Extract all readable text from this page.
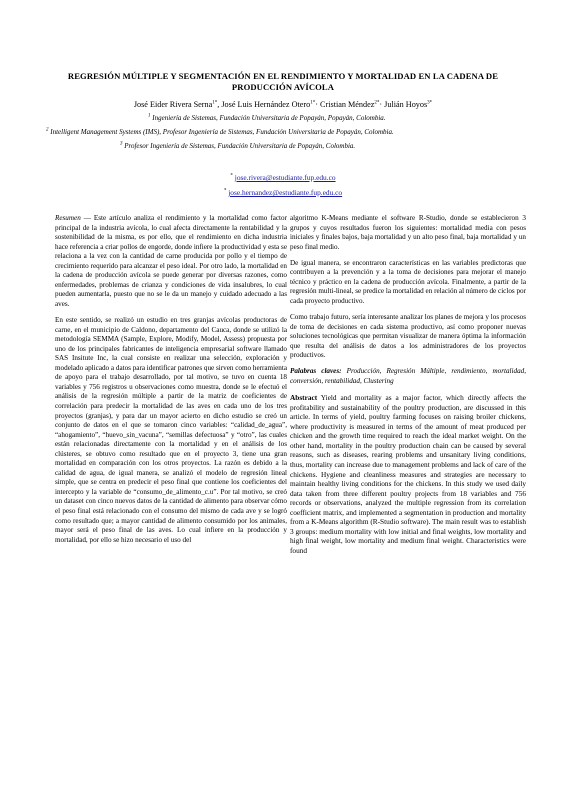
REGRESIÓN MÚLTIPLE Y SEGMENTACIÓN EN EL RENDIMIENTO Y MORTALIDAD EN LA CADENA DE PRODUCCIÓN AVÍCOLA
José Eider Rivera Serna$^{1*}$, José Luis Hernández Otero$^{1*}$· Cristian Méndez$^{2*}$· Julián Hoyos$^{3*}$
$^1$ Ingeniería de Sistemas, Fundación Universitaria de Popayán, Popayán, Colombia.
$^2$ Intelligent Management Systems (IMS), Profesor Ingeniería de Sistemas, Fundación Universitaria de Popayán, Colombia.
$^3$ Profesor Ingeniería de Sistemas, Fundación Universitaria de Popayán, Colombia.
* jose.rivera@estudiante.fup.edu.co
* jose.hernandez@estudiante.fup.edu.co

Resumen — Este artículo analiza el rendimiento y la mortalidad como factor principal de la industria avícola, lo cual afecta directamente la rentabilidad y la sostenibilidad de la misma, es por ello, que el rendimiento en dicha industria hace referencia a criar pollos de engorde, donde infiere la productividad y esta se relaciona a la vez con la cantidad de carne producida por pollo y el tiempo de crecimiento requerido para alcanzar el peso ideal. Por otro lado, la mortalidad en la cadena de producción avícola se puede generar por diversas razones, como enfermedades, problemas de crianza y condiciones de vida insalubres, lo cual pueden aumentarla, puesto que no se le da un manejo y cuidado adecuado a las aves.

En este sentido, se realizó un estudio en tres granjas avícolas productoras de carne, en el municipio de Caldono, departamento del Cauca, donde se utilizó la metodología SEMMA (Sample, Explore, Modify, Model, Assess) propuesta por uno de los principales fabricantes de inteligencia empresarial software llamado SAS Insitute Inc, la cual consiste en realizar una selección, exploración y modelado aplicado a datos para identificar patrones que sirven como herramienta de apoyo para el trabajo desarrollado, por tal motivo, se tuvo en cuenta 18 variables y 756 registros u observaciones como muestra, donde se le efectuó el análisis de la regresión múltiple a partir de la matriz de coeficientes de correlación para predecir la mortalidad de las aves en cada uno de los tres proyectos (granjas), y para dar un mayor acierto en dicho estudio se creó un conjunto de datos en el que se tomaron cinco variables: “calidad_de_agua”, “ahogamiento”, “huevo_sin_vacuna”, “semillas defectuosa” y “otro”, las cuales están relacionadas directamente con la mortalidad y en el análisis de los clústeres, se obtuvo como resultado que en el proyecto 3, tiene una gran mortalidad en comparación con los otros proyectos. La razón es debido a la calidad de agua, de igual manera, se analizó el modelo de regresión lineal simple, que se centra en predecir el peso final que contiene los coeficientes del intercepto y la variable de “consumo_de_alimento_c.u”. Por tal motivo, se creó un dataset con cinco nuevos datos de la cantidad de alimento para observar cómo el peso final está relacionado con el consumo del mismo de cada ave y se logró como resultado que; a mayor cantidad de alimento consumido por los animales, mayor será el peso final de las aves. Lo cual infiere en la producción y mortalidad, por ello se hizo necesario el uso del

algoritmo K-Means mediante el software R-Studio, donde se establecieron 3 grupos y cuyos resultados fueron los siguientes: mortalidad media con pesos iniciales y finales bajos, baja mortalidad y un alto peso final, baja mortalidad y un peso final medio.

De igual manera, se encontraron características en las variables predictoras que contribuyen a la prevención y a la toma de decisiones para mejorar el manejo técnico y práctico en la cadena de producción avícola. Finalmente, a partir de la regresión multi-lineal, se predice la mortalidad en relación al número de ciclos por cada proyecto productivo.

Como trabajo futuro, sería interesante analizar los planes de mejora y los procesos de toma de decisiones en cada sistema productivo, así como proponer nuevas soluciones tecnológicas que permitan visualizar de manera óptima la información que resulta del análisis de datos a los administradores de los proyectos productivos.

Palabras claves: Producción, Regresión Múltiple, rendimiento, mortalidad, conversión, rentabilidad, Clustering

Abstract Yield and mortality as a major factor, which directly affects the profitability and sustainability of the poultry production, are discussed in this article. In terms of yield, poultry farming focuses on raising broiler chickens, where productivity is measured in terms of the amount of meat produced per chicken and the growth time required to reach the ideal market weight. On the other hand, mortality in the poultry production chain can be caused by several reasons, such as diseases, rearing problems and unsanitary living conditions, thus, mortality can increase due to management problems and lack of care of the chickens. Hygiene and cleanliness measures and strategies are necessary to maintain healthy living conditions for the chickens. In this study we used daily data taken from three different poultry projects from 18 variables and 756 records or observations, analyzed the multiple regression from its correlation coefficient matrix, and implemented a segmentation in production and mortality from a K-Means algorithm (R-Studio software). The main result was to establish 3 groups: medium mortality with low initial and final weights, low mortality and high final weight, low mortality and medium final weight. Characteristics were found
